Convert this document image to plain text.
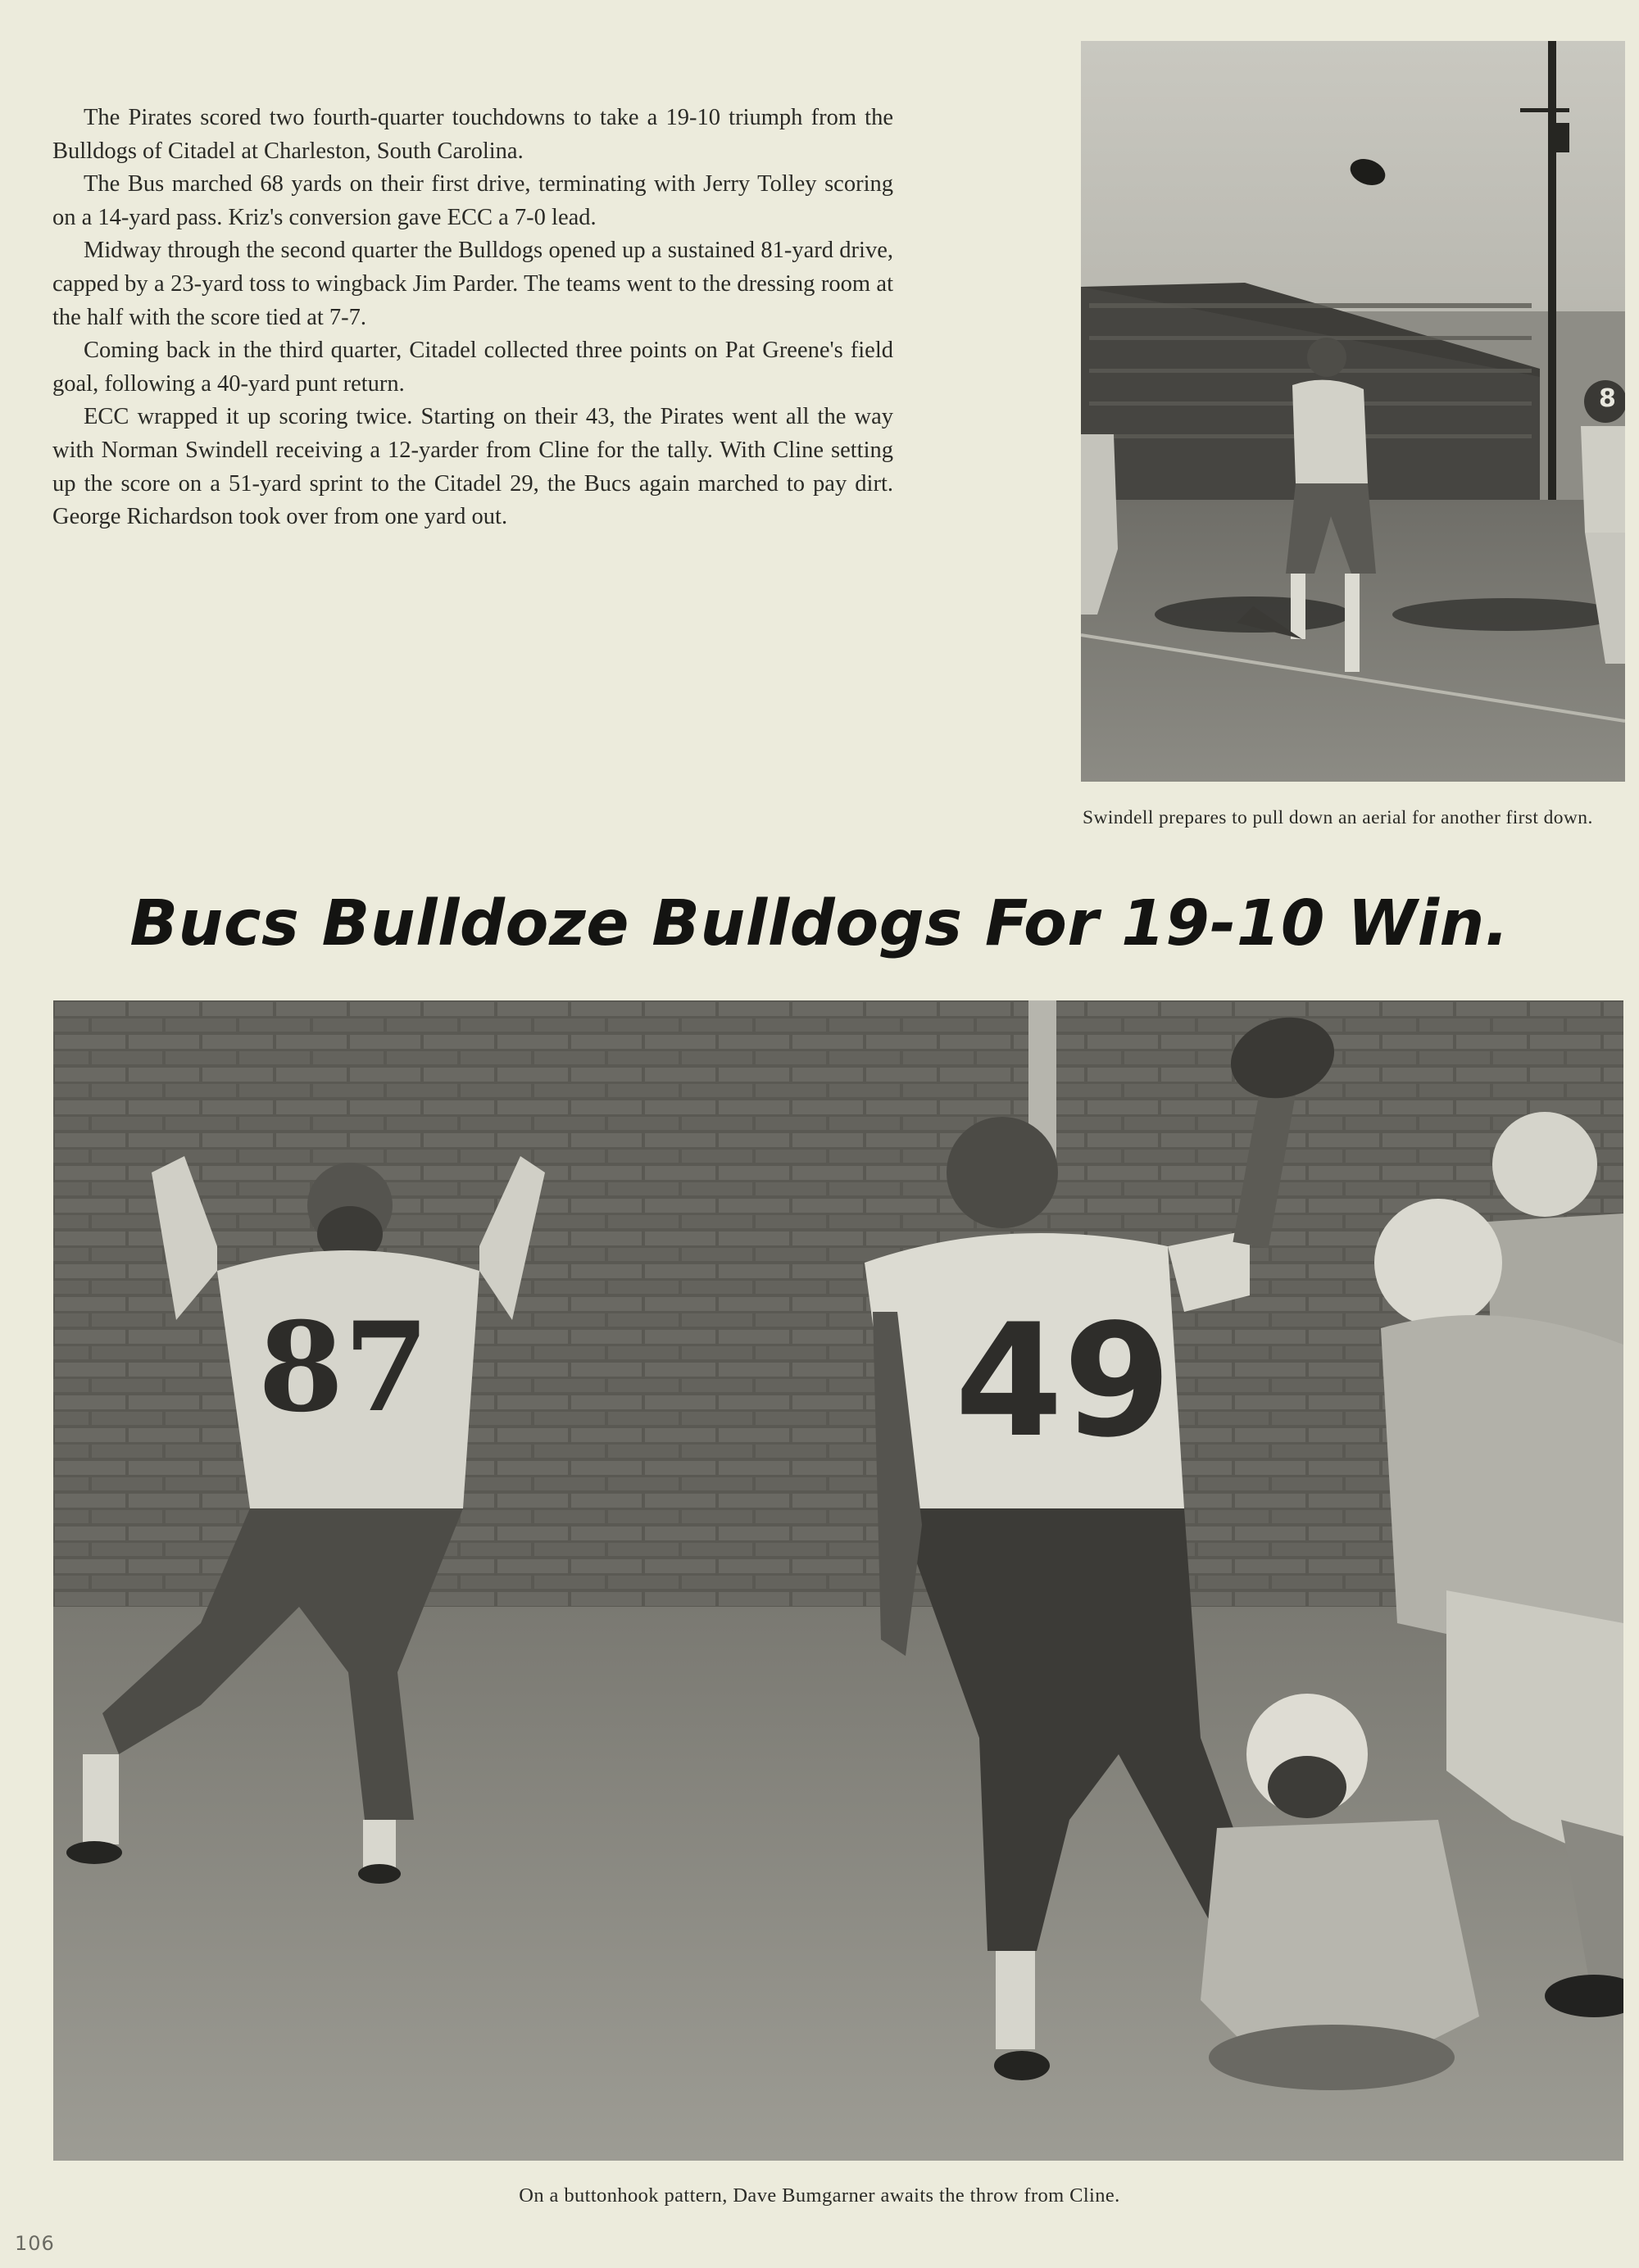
The Pirates scored two fourth-quarter touchdowns to take a 19-10 triumph from the Bulldogs of Citadel at Charleston, South Carolina.

The Bus marched 68 yards on their first drive, terminating with Jerry Tolley scoring on a 14-yard pass. Kriz's conversion gave ECC a 7-0 lead.

Midway through the second quarter the Bulldogs opened up a sustained 81-yard drive, capped by a 23-yard toss to wingback Jim Parder. The teams went to the dressing room at the half with the score tied at 7-7.

Coming back in the third quarter, Citadel collected three points on Pat Greene's field goal, following a 40-yard punt return.

ECC wrapped it up scoring twice. Starting on their 43, the Pirates went all the way with Norman Swindell receiving a 12-yarder from Cline for the tally. With Cline setting up the score on a 51-yard sprint to the Citadel 29, the Bucs again marched to pay dirt. George Richardson took over from one yard out.

8
Swindell prepares to pull down an aerial for another first down.
Bucs Bulldoze Bulldogs For 19-10 Win.
87	49
On a buttonhook pattern, Dave Bumgarner awaits the throw from Cline.
106
